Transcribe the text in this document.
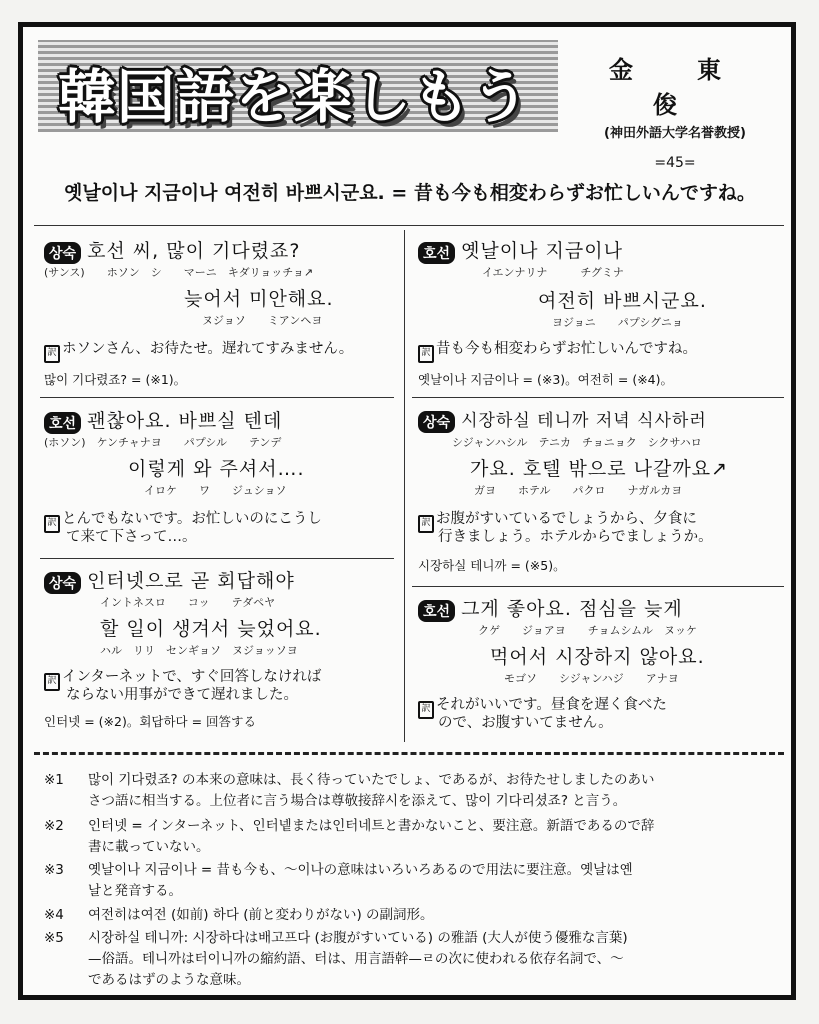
韓国語を楽しもう	金　東　俊
(神田外語大学名誉教授)
=45=
옛날이나 지금이나 여전히 바쁘시군요. = 昔も今も相変わらずお忙しいんですね。
상숙 호선 씨, 많이 기다렸죠?
(サンス)　　ホソン　シ　　マーニ　キダリョッチョ↗
늦어서 미안해요.
ヌジョソ　　ミアンヘヨ
訳 ホソンさん、お待たせ。遅れてすみません。
많이 기다렸죠? = (※1)。
호선 괜찮아요. 바쁘실 텐데
(ホソン)　ケンチャナヨ　　パプシル　　テンデ
이렇게 와 주셔서….
イロケ　　ワ　　ジュショソ
訳 とんでもないです。お忙しいのにこうし
て来て下さって…。
상숙 인터넷으로 곧 회답해야
イントネスロ　　コッ　　テダペヤ
할 일이 생겨서 늦었어요.
ハル　リリ　センギョソ　ヌジョッソヨ
訳 インターネットで、すぐ回答しなければ
ならない用事ができて遅れました。
인터넷 = (※2)。회답하다 = 回答する
호선 옛날이나 지금이나
イエンナリナ　　　チグミナ
여전히 바쁘시군요.
ヨジョニ　　パプシグニョ
訳 昔も今も相変わらずお忙しいんですね。
옛날이나 지금이나 = (※3)。여전히 = (※4)。
상숙 시장하실 테니까 저녁 식사하러
シジャンハシル　テニカ　チョニョク　シクサハロ
가요. 호텔 밖으로 나갈까요↗
ガヨ　　ホテル　　パクロ　　ナガルカヨ
訳 お腹がすいているでしょうから、夕食に
行きましょう。ホテルからでましょうか。
시장하실 테니까 = (※5)。
호선 그게 좋아요. 점심을 늦게
クゲ　　ジョアヨ　　チョムシムル　ヌッケ
먹어서 시장하지 않아요.
モゴソ　　シジャンハジ　　アナヨ
訳 それがいいです。昼食を遅く食べた
ので、お腹すいてません。
※1 많이 기다렸죠? の本来の意味は、長く待っていたでしょ、であるが、お待たせしましたのあい
さつ語に相当する。上位者に言う場合は尊敬接辞시を添えて、많이 기다리셨죠? と言う。
※2 인터넷 = インターネット、인터넽または인터네트と書かないこと、要注意。新語であるので辞
書に載っていない。
※3 옛날이나 지금이나 = 昔も今も、〜이나の意味はいろいろあるので用法に要注意。옛날は옌
날と発音する。
※4 여전히は여전 (如前) 하다 (前と変わりがない) の副詞形。
※5 시장하실 테니까: 시장하다は배고프다 (お腹がすいている) の雅語 (大人が使う優雅な言葉)
—俗語。테니까は터이니까の縮約語、터は、用言語幹—ㄹの次に使われる依存名詞で、〜
であるはずのような意味。
